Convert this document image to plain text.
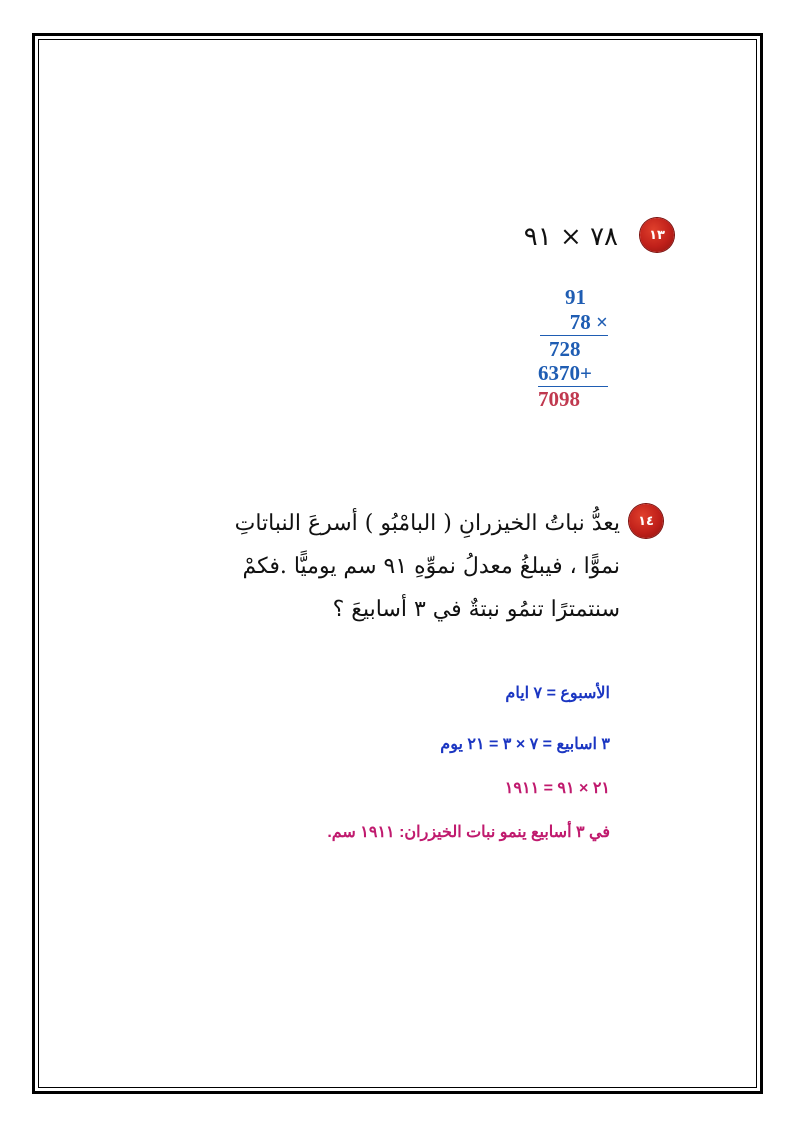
١٣
٧٨ × ٩١
91
78 ×
728
6370+
7098
١٤
يعدُّ نباتُ الخيزرانِ ( البامْبُو ) أسرعَ النباتاتِ
نموًّا ، فيبلغُ معدلُ نموِّهِ ٩١ سم يوميًّا .فكمْ
سنتمترًا تنمُو نبتةٌ في ٣ أسابيعَ ؟
الأسبوع = ٧ ايام
٣ اسابيع = ٧ × ٣ = ٢١ يوم
٢١ × ٩١ = ١٩١١
في ٣ أسابيع ينمو نبات الخيزران: ١٩١١ سم.
